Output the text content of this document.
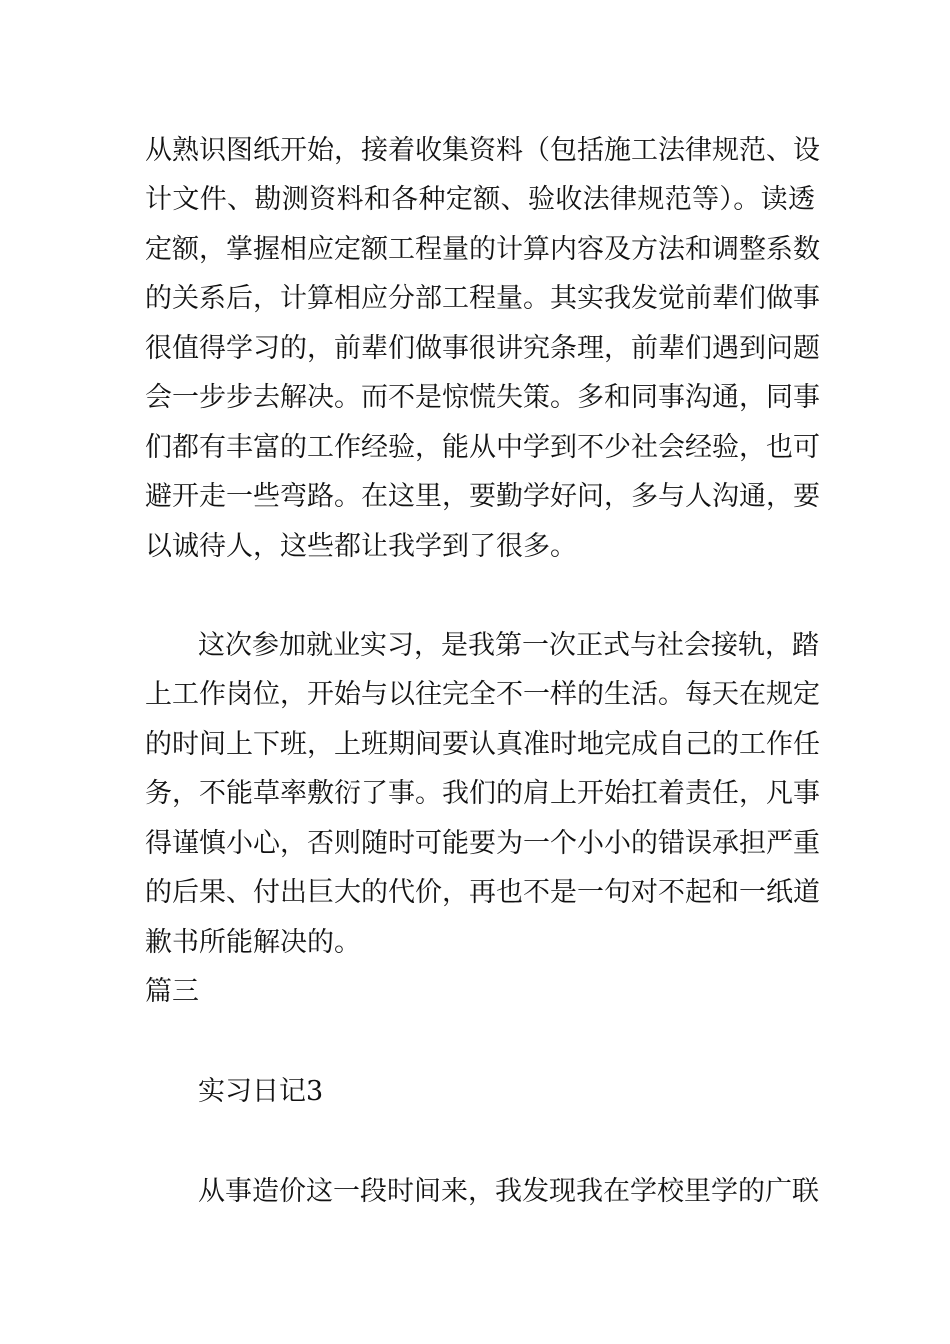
从熟识图纸开始，接着收集资料（包括施工法律规范、设
计文件、勘测资料和各种定额、验收法律规范等）。读透
定额，掌握相应定额工程量的计算内容及方法和调整系数
的关系后，计算相应分部工程量。其实我发觉前辈们做事
很值得学习的，前辈们做事很讲究条理，前辈们遇到问题
会一步步去解决。而不是惊慌失策。多和同事沟通，同事
们都有丰富的工作经验，能从中学到不少社会经验，也可
避开走一些弯路。在这里，要勤学好问，多与人沟通，要
以诚待人，这些都让我学到了很多。
这次参加就业实习，是我第一次正式与社会接轨，踏
上工作岗位，开始与以往完全不一样的生活。每天在规定
的时间上下班，上班期间要认真准时地完成自己的工作任
务，不能草率敷衍了事。我们的肩上开始扛着责任，凡事
得谨慎小心，否则随时可能要为一个小小的错误承担严重
的后果、付出巨大的代价，再也不是一句对不起和一纸道
歉书所能解决的。
篇三
实习日记3
从事造价这一段时间来，我发现我在学校里学的广联
